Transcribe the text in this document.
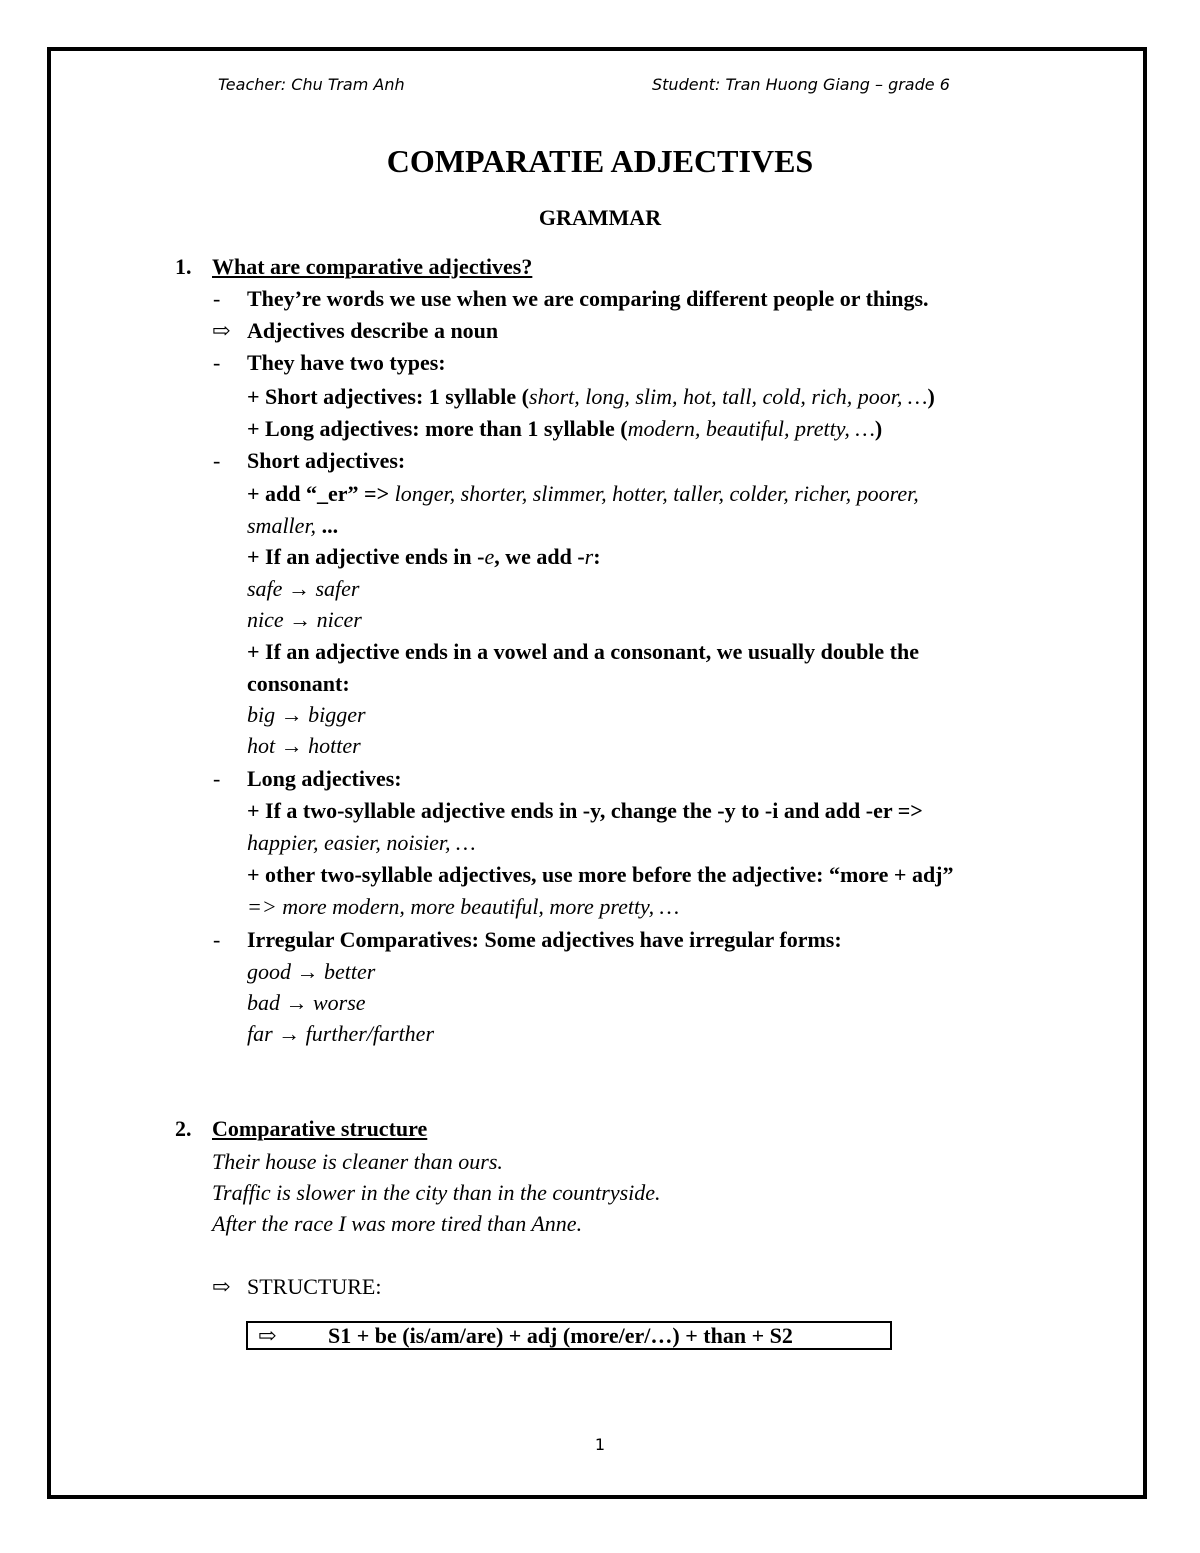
Teacher: Chu Tram Anh	Student: Tran Huong Giang – grade 6
COMPARATIE ADJECTIVES
GRAMMAR
1. What are comparative adjectives?
- They’re words we use when we are comparing different people or things.
⇨ Adjectives describe a noun
- They have two types:
+ Short adjectives: 1 syllable (short, long, slim, hot, tall, cold, rich, poor, …)
+ Long adjectives: more than 1 syllable (modern, beautiful, pretty, …)
- Short adjectives:
+ add “_er” => longer, shorter, slimmer, hotter, taller, colder, richer, poorer,
smaller, ...
+ If an adjective ends in -e, we add -r:
safe → safer
nice → nicer
+ If an adjective ends in a vowel and a consonant, we usually double the
consonant:
big → bigger
hot → hotter
- Long adjectives:
+ If a two-syllable adjective ends in -y, change the -y to -i and add -er =>
happier, easier, noisier, …
+ other two-syllable adjectives, use more before the adjective: “more + adj”
=> more modern, more beautiful, more pretty, …
- Irregular Comparatives: Some adjectives have irregular forms:
good → better
bad → worse
far → further/farther
2. Comparative structure
Their house is cleaner than ours.
Traffic is slower in the city than in the countryside.
After the race I was more tired than Anne.
⇨ STRUCTURE:
⇨ S1 + be (is/am/are) + adj (more/er/…) + than + S2
1
